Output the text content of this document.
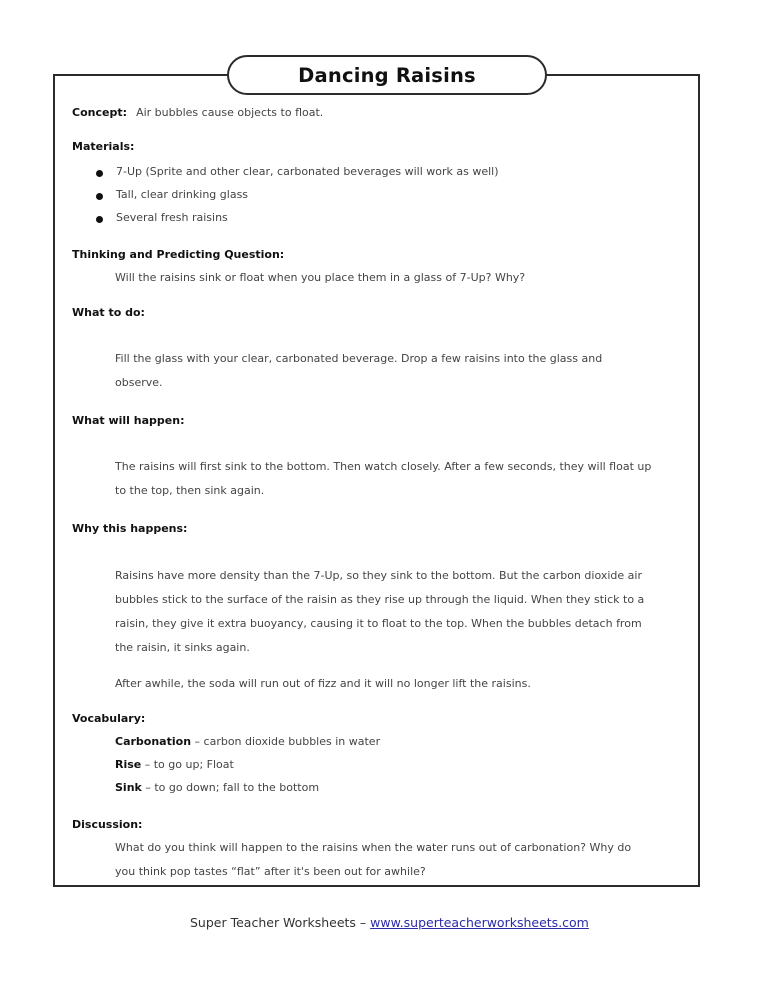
Dancing Raisins
Concept: Air bubbles cause objects to float.
Materials:
7-Up (Sprite and other clear, carbonated beverages will work as well)
Tall, clear drinking glass
Several fresh raisins
Thinking and Predicting Question:
Will the raisins sink or float when you place them in a glass of 7-Up? Why?
What to do:
Fill the glass with your clear, carbonated beverage. Drop a few raisins into the glass and
observe.
What will happen:
The raisins will first sink to the bottom. Then watch closely. After a few seconds, they will float up
to the top, then sink again.
Why this happens:
Raisins have more density than the 7-Up, so they sink to the bottom. But the carbon dioxide air
bubbles stick to the surface of the raisin as they rise up through the liquid. When they stick to a
raisin, they give it extra buoyancy, causing it to float to the top. When the bubbles detach from
the raisin, it sinks again.
After awhile, the soda will run out of fizz and it will no longer lift the raisins.
Vocabulary:
Carbonation – carbon dioxide bubbles in water
Rise – to go up; Float
Sink – to go down; fall to the bottom
Discussion:
What do you think will happen to the raisins when the water runs out of carbonation? Why do
you think pop tastes “flat” after it's been out for awhile?
Super Teacher Worksheets – www.superteacherworksheets.com
